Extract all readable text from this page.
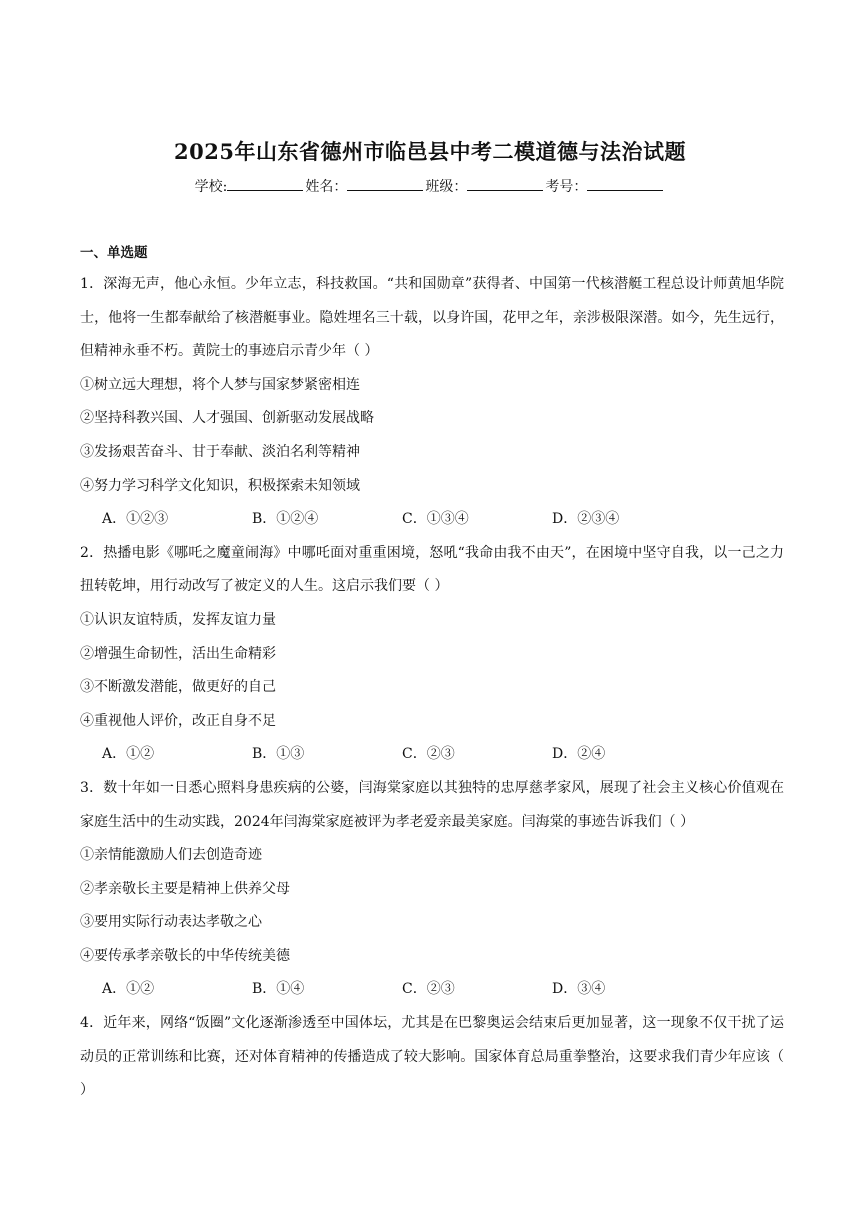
2025年山东省德州市临邑县中考二模道德与法治试题
学校:	姓名：	班级：	考号：
一、单选题

1．深海无声，他心永恒。少年立志，科技救国。“共和国勋章”获得者、中国第一代核潜艇工程总设计师黄旭华院士，他将一生都奉献给了核潜艇事业。隐姓埋名三十载，以身许国，花甲之年，亲涉极限深潜。如今，先生远行，但精神永垂不朽。黄院士的事迹启示青少年（ ）

①树立远大理想，将个人梦与国家梦紧密相连

②坚持科教兴国、人才强国、创新驱动发展战略

③发扬艰苦奋斗、甘于奉献、淡泊名利等精神

④努力学习科学文化知识，积极探索未知领域

A．①②③	B．①②④	C．①③④	D．②③④

2．热播电影《哪吒之魔童闹海》中哪吒面对重重困境，怒吼“我命由我不由天”，在困境中坚守自我，以一己之力扭转乾坤，用行动改写了被定义的人生。这启示我们要（ ）

①认识友谊特质，发挥友谊力量

②增强生命韧性，活出生命精彩

③不断激发潜能，做更好的自己

④重视他人评价，改正自身不足

A．①②	B．①③	C．②③	D．②④

3．数十年如一日悉心照料身患疾病的公婆，闫海棠家庭以其独特的忠厚慈孝家风，展现了社会主义核心价值观在家庭生活中的生动实践，2024年闫海棠家庭被评为孝老爱亲最美家庭。闫海棠的事迹告诉我们（ ）

①亲情能激励人们去创造奇迹

②孝亲敬长主要是精神上供养父母

③要用实际行动表达孝敬之心

④要传承孝亲敬长的中华传统美德

A．①②	B．①④	C．②③	D．③④

4．近年来，网络“饭圈”文化逐渐渗透至中国体坛，尤其是在巴黎奥运会结束后更加显著，这一现象不仅干扰了运动员的正常训练和比赛，还对体育精神的传播造成了较大影响。国家体育总局重拳整治，这要求我们青少年应该（ ）
